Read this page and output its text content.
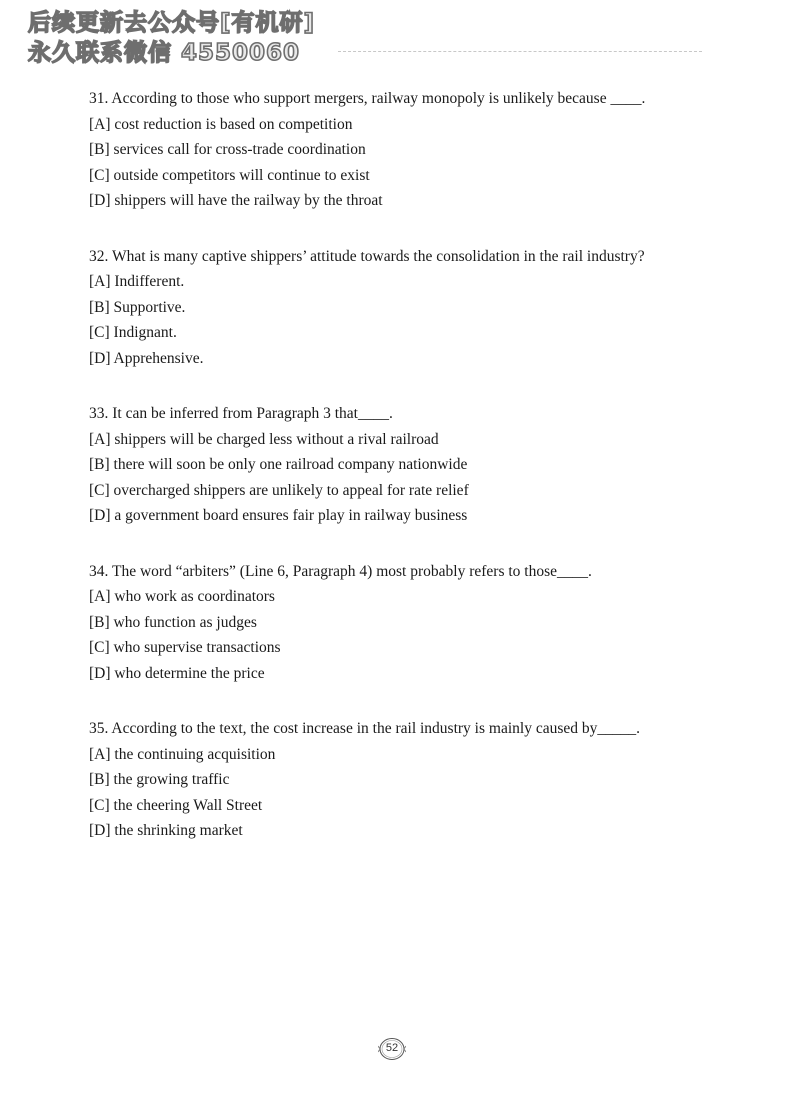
后续更新去公众号[有机研]
永久联系微信 4550060
31. According to those who support mergers, railway monopoly is unlikely because ____.
[A] cost reduction is based on competition
[B] services call for cross-trade coordination
[C] outside competitors will continue to exist
[D] shippers will have the railway by the throat
32. What is many captive shippers’ attitude towards the consolidation in the rail industry?
[A] Indifferent.
[B] Supportive.
[C] Indignant.
[D] Apprehensive.
33. It can be inferred from Paragraph 3 that____.
[A] shippers will be charged less without a rival railroad
[B] there will soon be only one railroad company nationwide
[C] overcharged shippers are unlikely to appeal for rate relief
[D] a government board ensures fair play in railway business
34. The word “arbiters” (Line 6, Paragraph 4) most probably refers to those____.
[A] who work as coordinators
[B] who function as judges
[C] who supervise transactions
[D] who determine the price
35. According to the text, the cost increase in the rail industry is mainly caused by_____.
[A] the continuing acquisition
[B] the growing traffic
[C] the cheering Wall Street
[D] the shrinking market
52
